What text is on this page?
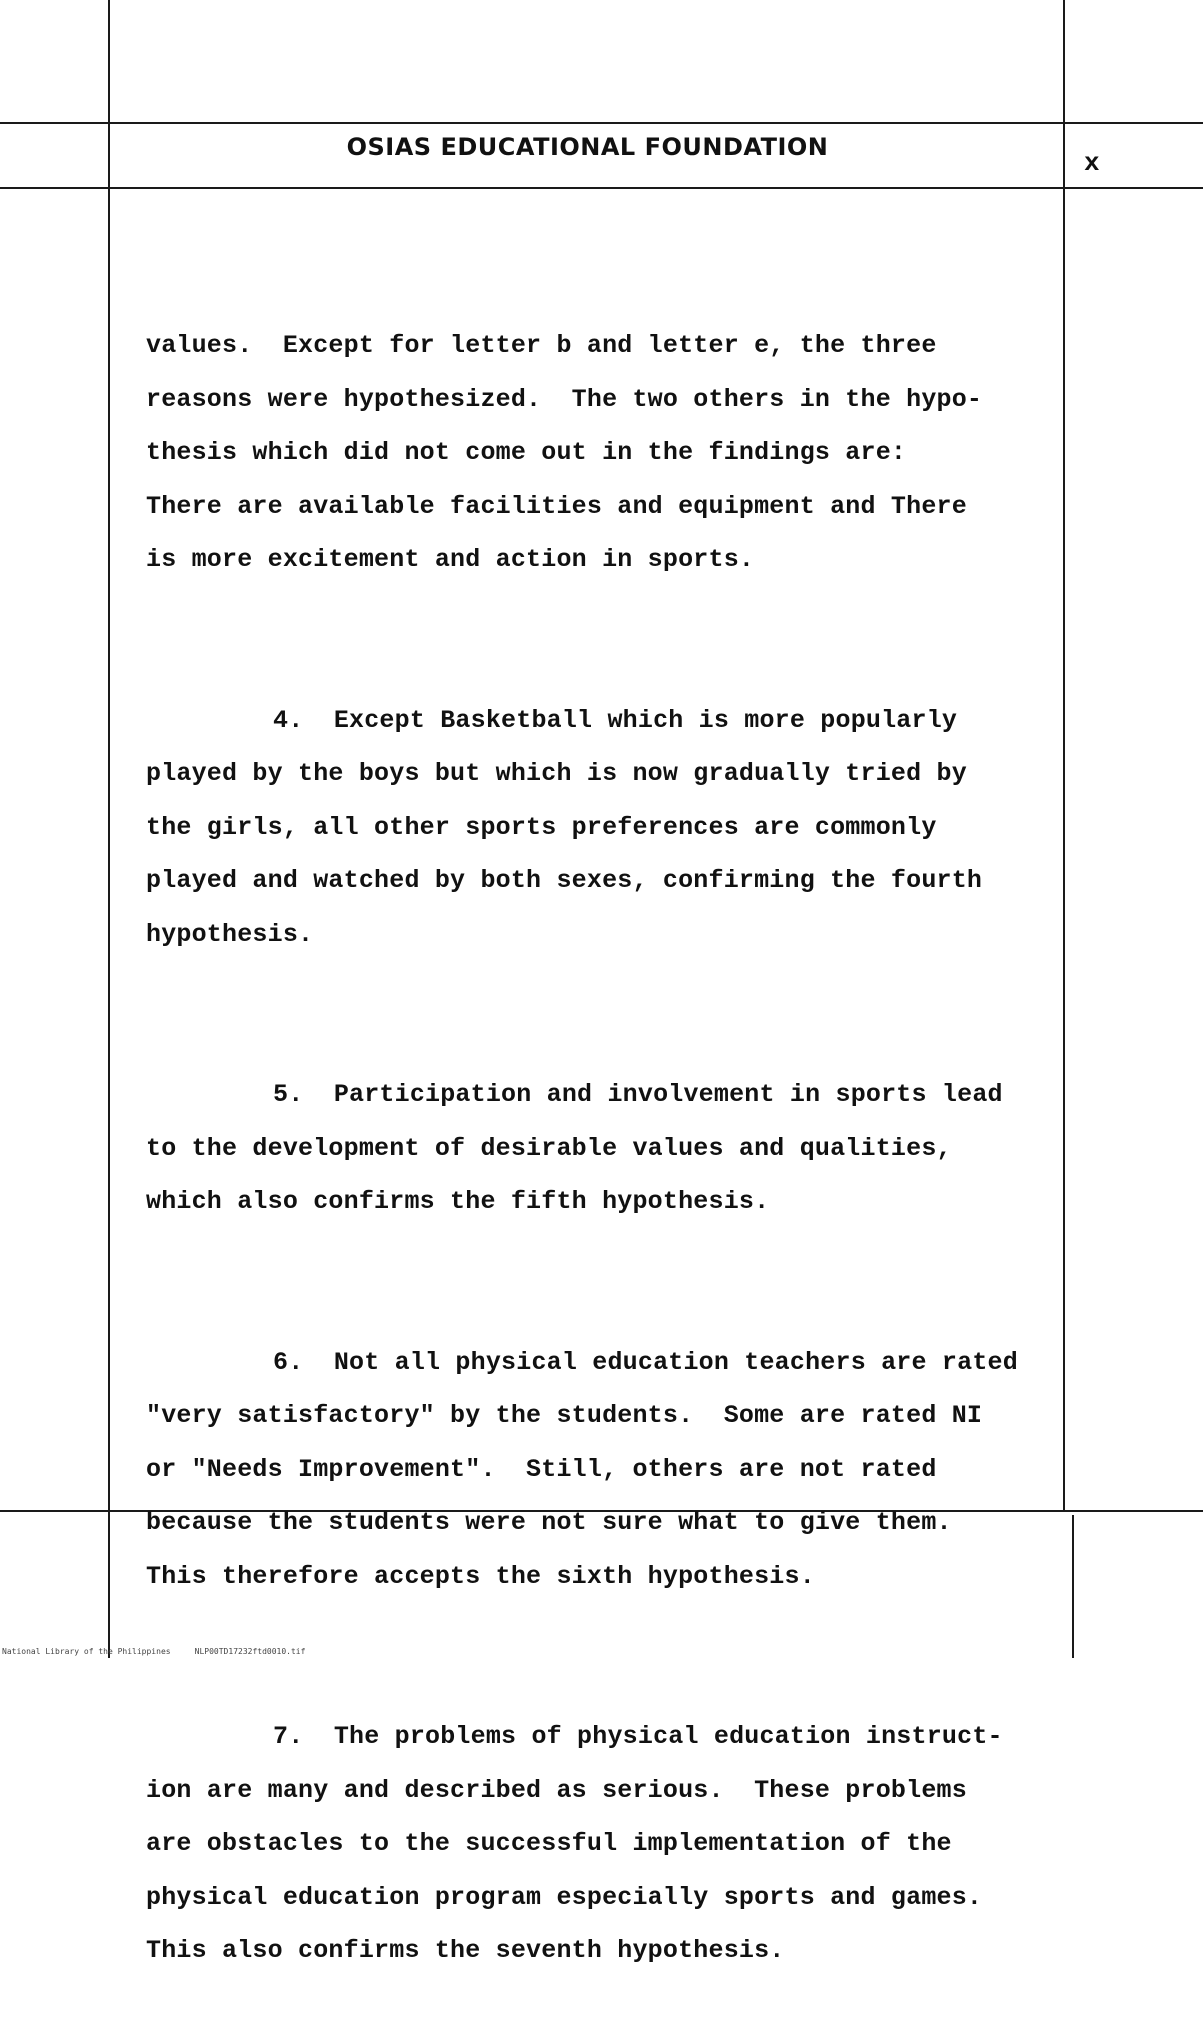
OSIAS EDUCATIONAL FOUNDATION
x

values.  Except for letter b and letter e, the three
reasons were hypothesized.  The two others in the hypo-
thesis which did not come out in the findings are:
There are available facilities and equipment and There
is more excitement and action in sports.

4. Except Basketball which is more popularly
played by the boys but which is now gradually tried by
the girls, all other sports preferences are commonly
played and watched by both sexes, confirming the fourth
hypothesis.

5. Participation and involvement in sports lead
to the development of desirable values and qualities,
which also confirms the fifth hypothesis.

6. Not all physical education teachers are rated
"very satisfactory" by the students.  Some are rated NI
or "Needs Improvement".  Still, others are not rated
because the students were not sure what to give them.
This therefore accepts the sixth hypothesis.

7. The problems of physical education instruct-
ion are many and described as serious.  These problems
are obstacles to the successful implementation of the
physical education program especially sports and games.
This also confirms the seventh hypothesis.

National Library of the Philippines     NLP00TD17232ftd0010.tif
